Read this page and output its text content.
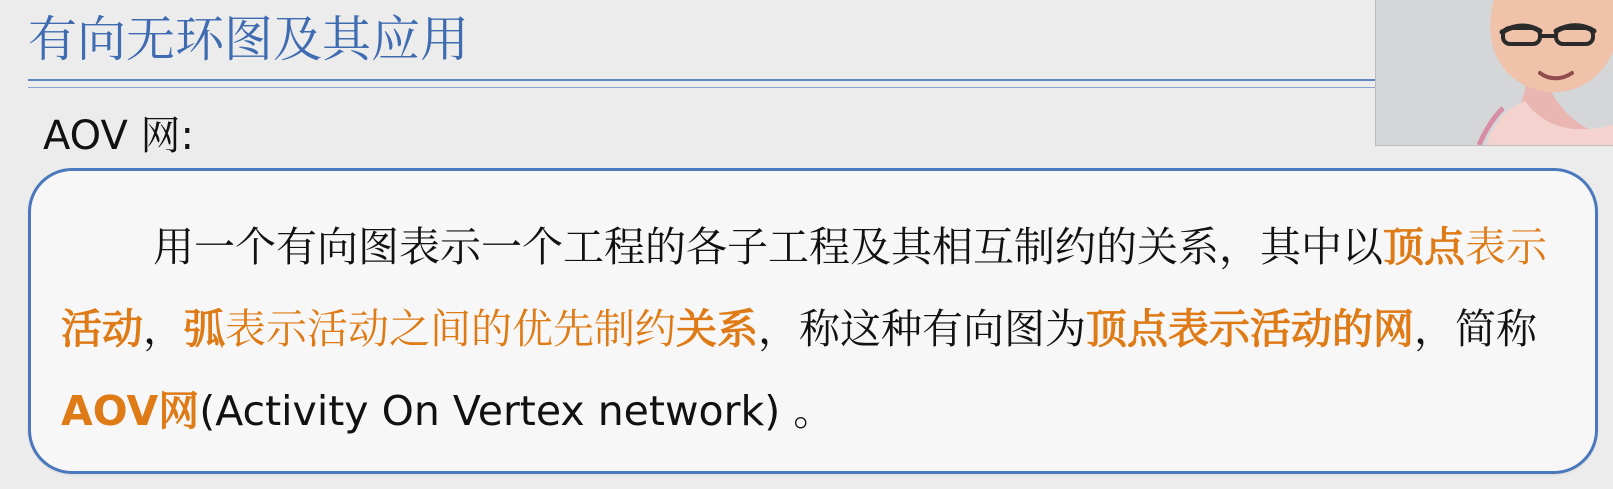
有向无环图及其应用
AOV 网:
用一个有向图表示一个工程的各子工程及其相互制约的关系，其中以顶点表示活动，弧表示活动之间的优先制约关系，称这种有向图为顶点表示活动的网，简称 AOV网(Activity On Vertex network) 。
